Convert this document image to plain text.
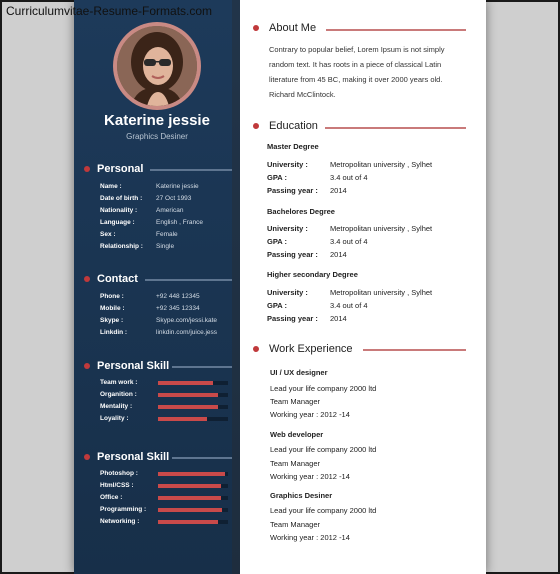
Curriculumvitae-Resume-Formats.com
Katerine jessie
Graphics Desiner
Personal
Name :	Katerine jessie
Date of birth :	27 Oct 1993
Nationality :	American
Language :	English , France
Sex :	Female
Relationship :	Single
Contact
Phone :	+92 448 12345
Mobile :	+92 345 12334
Skype :	Skype.com/jessi.kate
Linkdin :	linkdin.com/juice.jess
Personal Skill
Team work :
Organition :
Mentality :
Loyality :
Personal Skill
Photoshop :
Html/CSS :
Office :
Programming :
Networking :
About Me
Contrary to popular belief, Lorem Ipsum is not simply random text. It has roots in a piece of classical Latin literature from 45 BC, making it over 2000 years old. Richard McClintock.
Education
Master Degree
University :	Metropolitan university , Sylhet
GPA :	3.4 out of 4
Passing year :	2014
Bachelores Degree
University :	Metropolitan university , Sylhet
GPA :	3.4 out of 4
Passing year :	2014
Higher secondary Degree
University :	Metropolitan university , Sylhet
GPA :	3.4 out of 4
Passing year :	2014
Work Experience
UI / UX designer
Lead your life company 2000 ltd
Team Manager
Working year : 2012 -14
Web developer
Lead your life company 2000 ltd
Team Manager
Working year : 2012 -14
Graphics Desiner
Lead your life company 2000 ltd
Team Manager
Working year : 2012 -14
